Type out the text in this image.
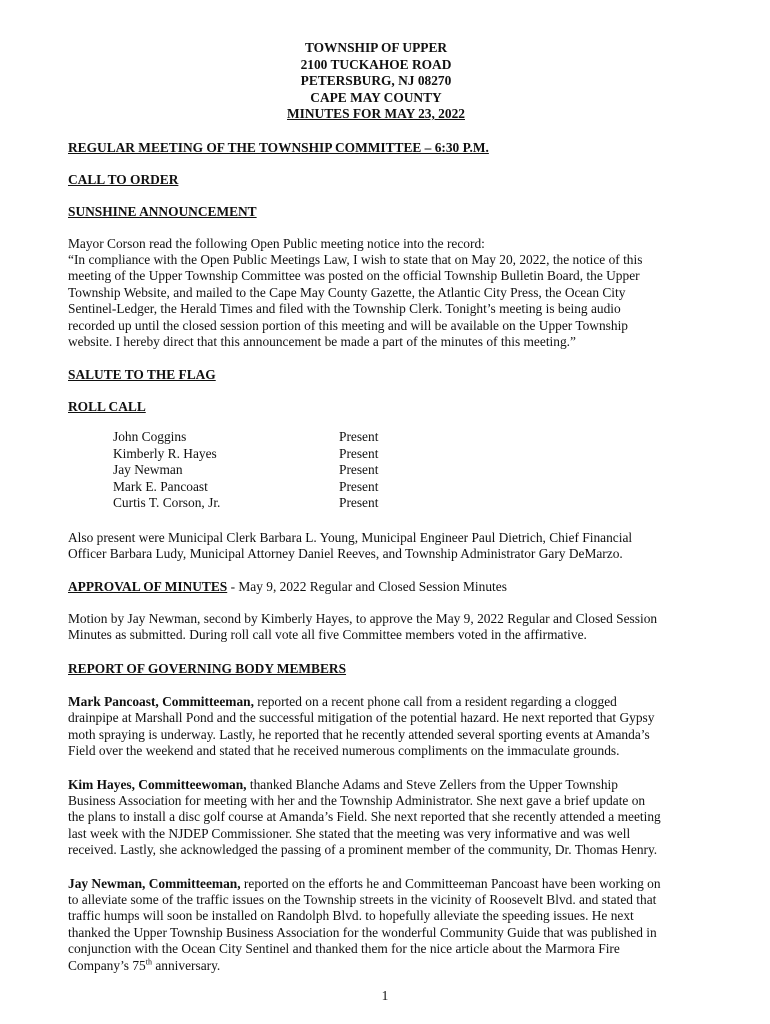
TOWNSHIP OF UPPER
2100 TUCKAHOE ROAD
PETERSBURG, NJ 08270
CAPE MAY COUNTY
MINUTES FOR MAY 23, 2022
REGULAR MEETING OF THE TOWNSHIP COMMITTEE – 6:30 P.M.
CALL TO ORDER
SUNSHINE ANNOUNCEMENT

Mayor Corson read the following Open Public meeting notice into the record:

“In compliance with the Open Public Meetings Law, I wish to state that on May 20, 2022, the notice of this

meeting of the Upper Township Committee was posted on the official Township Bulletin Board, the Upper

Township Website, and mailed to the Cape May County Gazette, the Atlantic City Press, the Ocean City

Sentinel-Ledger, the Herald Times and filed with the Township Clerk. Tonight’s meeting is being audio

recorded up until the closed session portion of this meeting and will be available on the Upper Township

website. I hereby direct that this announcement be made a part of the minutes of this meeting.”

SALUTE TO THE FLAG
ROLL CALL
John Coggins	Present
Kimberly R. Hayes	Present
Jay Newman	Present
Mark E. Pancoast	Present
Curtis T. Corson, Jr.	Present

Also present were Municipal Clerk Barbara L. Young, Municipal Engineer Paul Dietrich, Chief Financial

Officer Barbara Ludy, Municipal Attorney Daniel Reeves, and Township Administrator Gary DeMarzo.

APPROVAL OF MINUTES - May 9, 2022 Regular and Closed Session Minutes

Motion by Jay Newman, second by Kimberly Hayes, to approve the May 9, 2022 Regular and Closed Session

Minutes as submitted. During roll call vote all five Committee members voted in the affirmative.

REPORT OF GOVERNING BODY MEMBERS

Mark Pancoast, Committeeman, reported on a recent phone call from a resident regarding a clogged

drainpipe at Marshall Pond and the successful mitigation of the potential hazard. He next reported that Gypsy

moth spraying is underway. Lastly, he reported that he recently attended several sporting events at Amanda’s

Field over the weekend and stated that he received numerous compliments on the immaculate grounds.

Kim Hayes, Committeewoman, thanked Blanche Adams and Steve Zellers from the Upper Township

Business Association for meeting with her and the Township Administrator. She next gave a brief update on

the plans to install a disc golf course at Amanda’s Field. She next reported that she recently attended a meeting

last week with the NJDEP Commissioner. She stated that the meeting was very informative and was well

received. Lastly, she acknowledged the passing of a prominent member of the community, Dr. Thomas Henry.

Jay Newman, Committeeman, reported on the efforts he and Committeeman Pancoast have been working on

to alleviate some of the traffic issues on the Township streets in the vicinity of Roosevelt Blvd. and stated that

traffic humps will soon be installed on Randolph Blvd. to hopefully alleviate the speeding issues. He next

thanked the Upper Township Business Association for the wonderful Community Guide that was published in

conjunction with the Ocean City Sentinel and thanked them for the nice article about the Marmora Fire

Company’s 75th anniversary.

1
